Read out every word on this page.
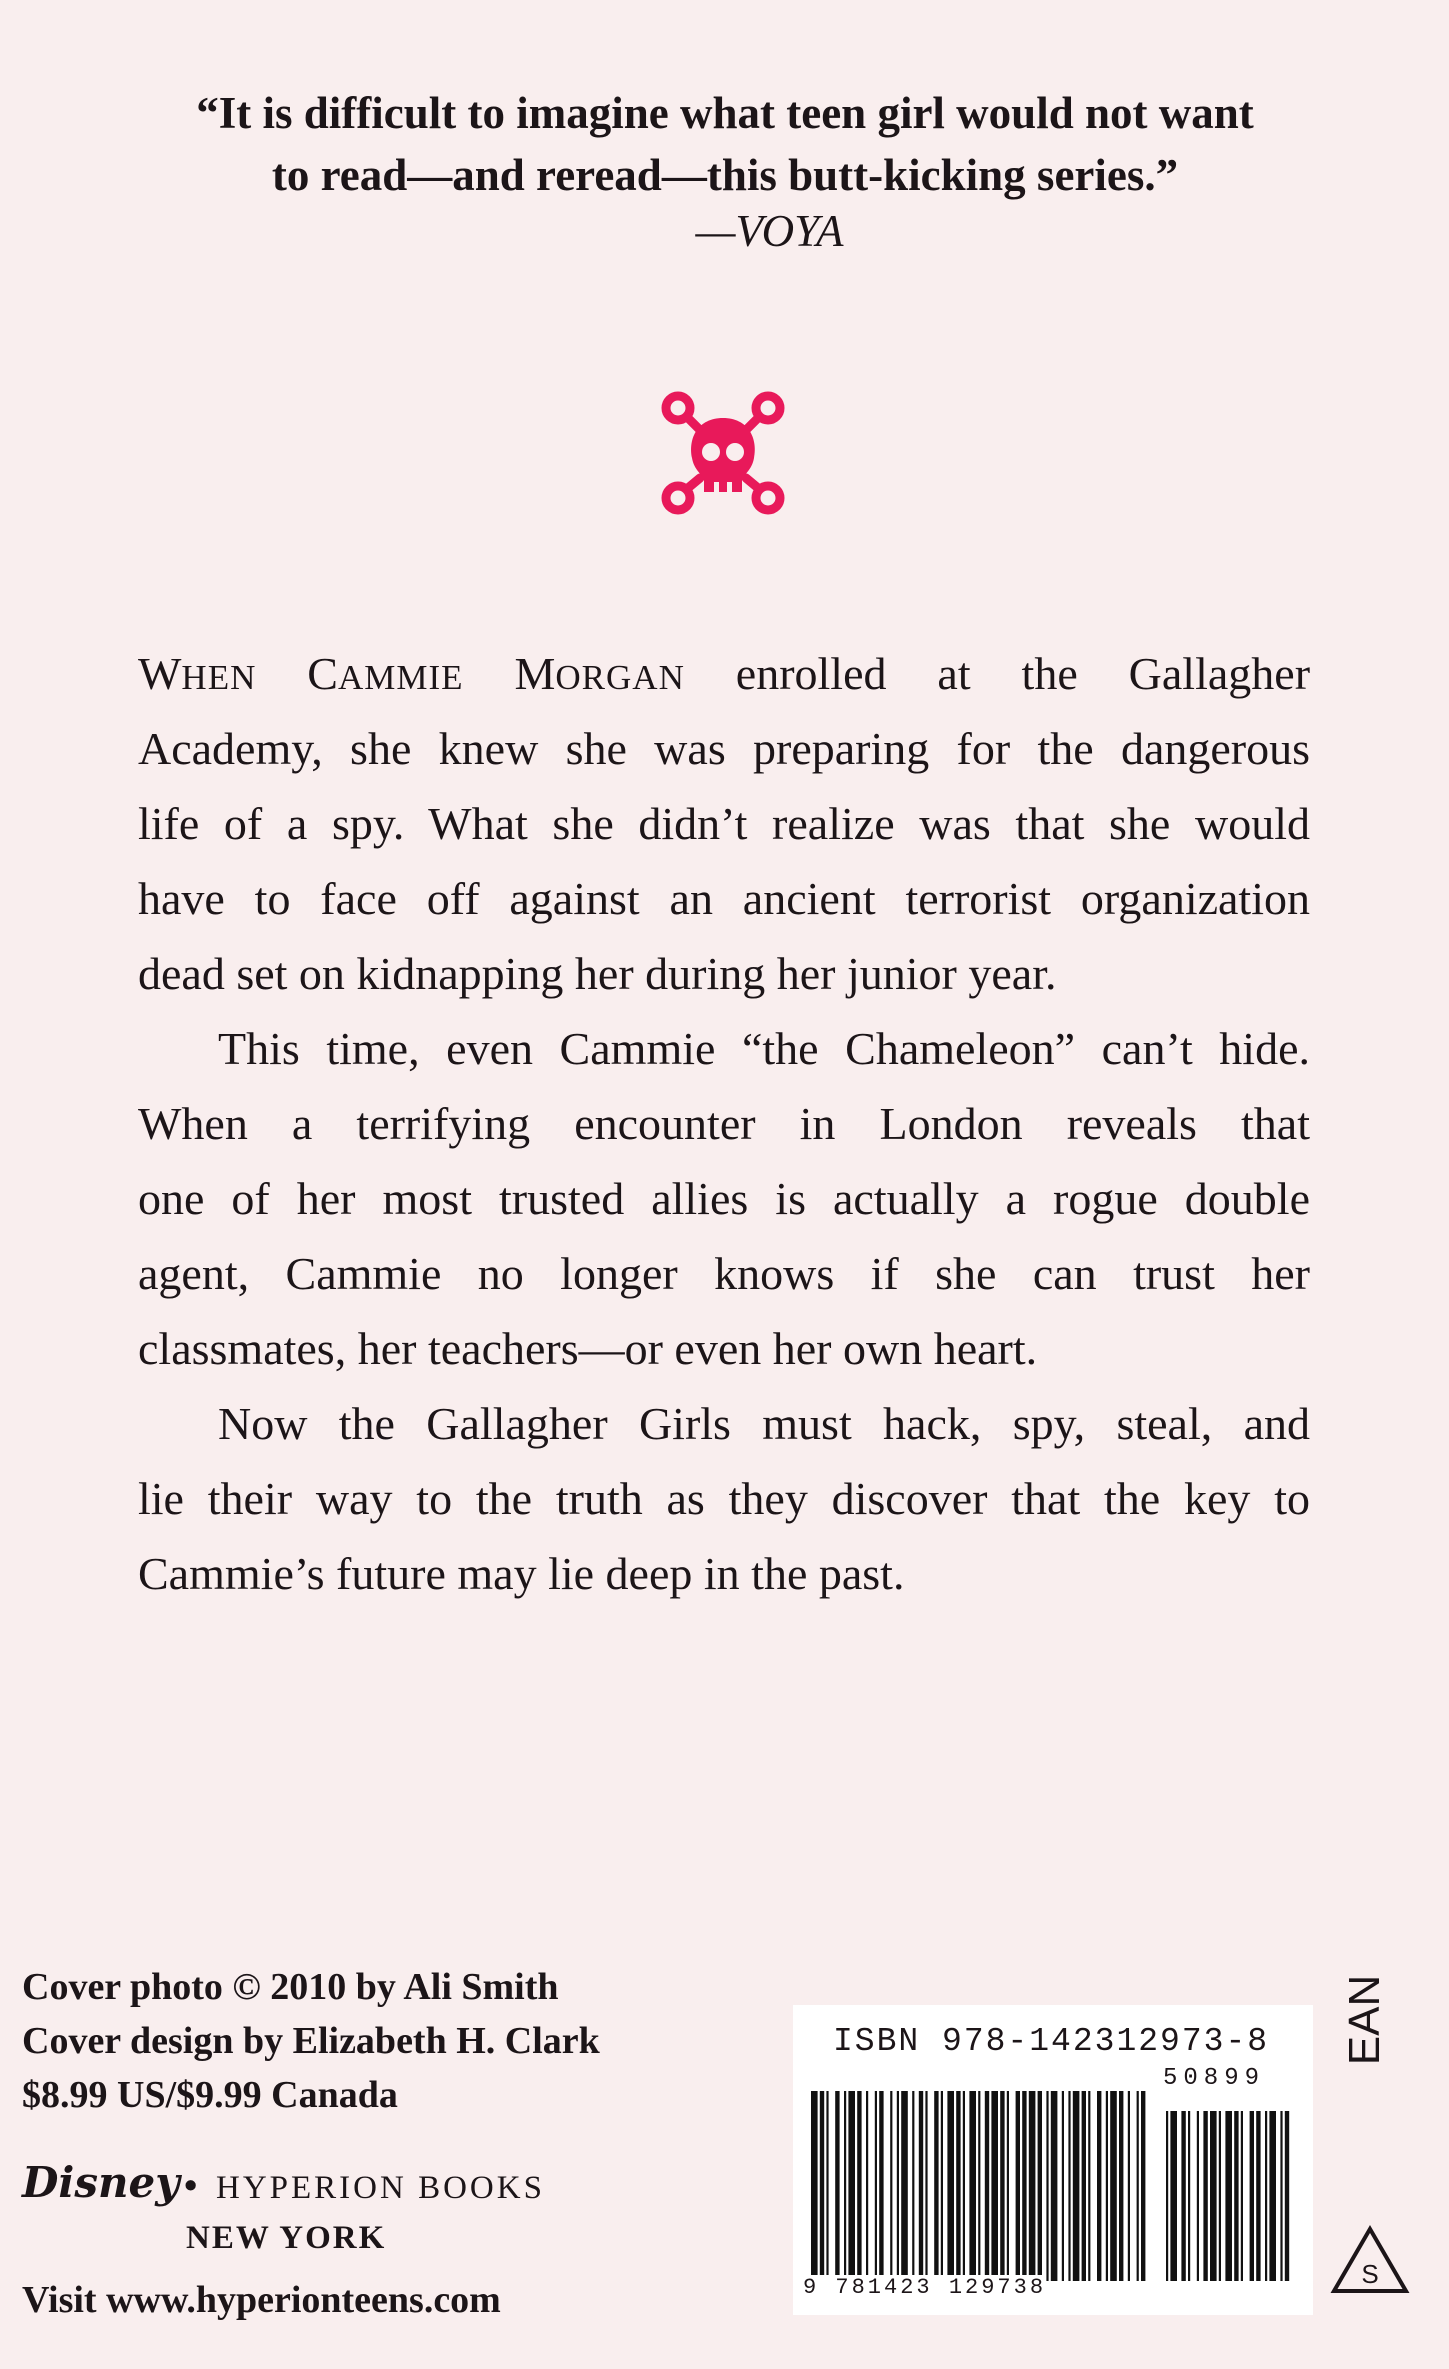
“It is difficult to imagine what teen girl would not want
to read—and reread—this butt-kicking series.”
—VOYA
WHEN CAMMIE MORGAN enrolled at the Gallagher
Academy, she knew she was preparing for the dangerous
life of a spy. What she didn’t realize was that she would
have to face off against an ancient terrorist organization
dead set on kidnapping her during her junior year.
This time, even Cammie “the Chameleon” can’t hide.
When a terrifying encounter in London reveals that
one of her most trusted allies is actually a rogue double
agent, Cammie no longer knows if she can trust her
classmates, her teachers—or even her own heart.
Now the Gallagher Girls must hack, spy, steal, and
lie their way to the truth as they discover that the key to
Cammie’s future may lie deep in the past.
Cover photo © 2010 by Ali Smith
Cover design by Elizabeth H. Clark
$8.99 US/$9.99 Canada
Disney • HYPERION BOOKS
NEW YORK
Visit www.hyperionteens.com
ISBN 978-142312973-8
50899
9 781423 129738
EAN
S
